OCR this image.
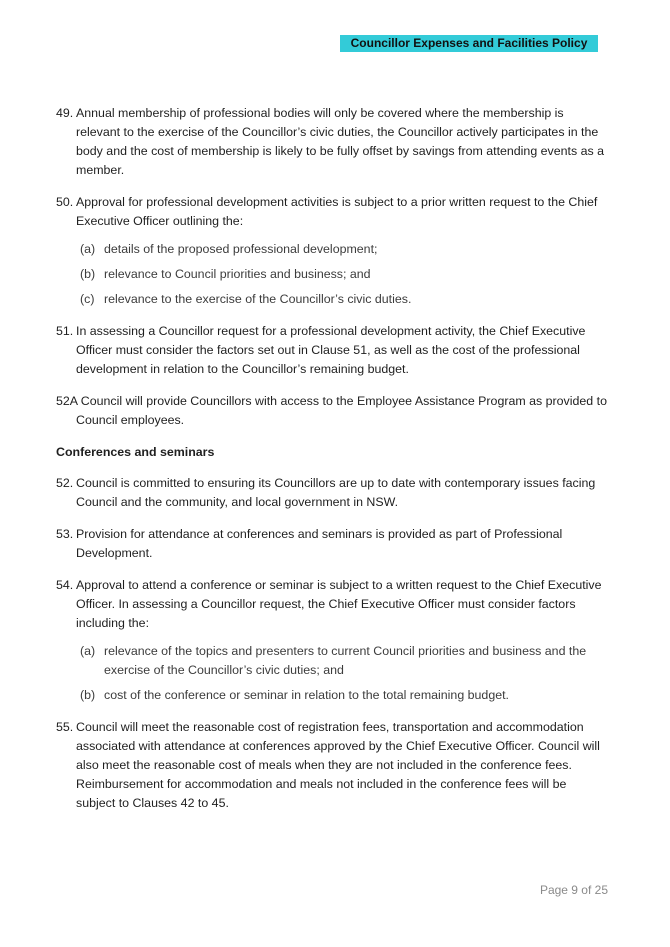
Councillor Expenses and Facilities Policy
49. Annual membership of professional bodies will only be covered where the membership is relevant to the exercise of the Councillor’s civic duties, the Councillor actively participates in the body and the cost of membership is likely to be fully offset by savings from attending events as a member.
50. Approval for professional development activities is subject to a prior written request to the Chief Executive Officer outlining the:
(a) details of the proposed professional development;
(b) relevance to Council priorities and business; and
(c) relevance to the exercise of the Councillor’s civic duties.
51. In assessing a Councillor request for a professional development activity, the Chief Executive Officer must consider the factors set out in Clause 51, as well as the cost of the professional development in relation to the Councillor’s remaining budget.
52A Council will provide Councillors with access to the Employee Assistance Program as provided to Council employees.
Conferences and seminars
52. Council is committed to ensuring its Councillors are up to date with contemporary issues facing Council and the community, and local government in NSW.
53. Provision for attendance at conferences and seminars is provided as part of Professional Development.
54. Approval to attend a conference or seminar is subject to a written request to the Chief Executive Officer. In assessing a Councillor request, the Chief Executive Officer must consider factors including the:
(a) relevance of the topics and presenters to current Council priorities and business and the exercise of the Councillor’s civic duties; and
(b) cost of the conference or seminar in relation to the total remaining budget.
55. Council will meet the reasonable cost of registration fees, transportation and accommodation associated with attendance at conferences approved by the Chief Executive Officer. Council will also meet the reasonable cost of meals when they are not included in the conference fees. Reimbursement for accommodation and meals not included in the conference fees will be subject to Clauses 42 to 45.
Page 9 of 25
